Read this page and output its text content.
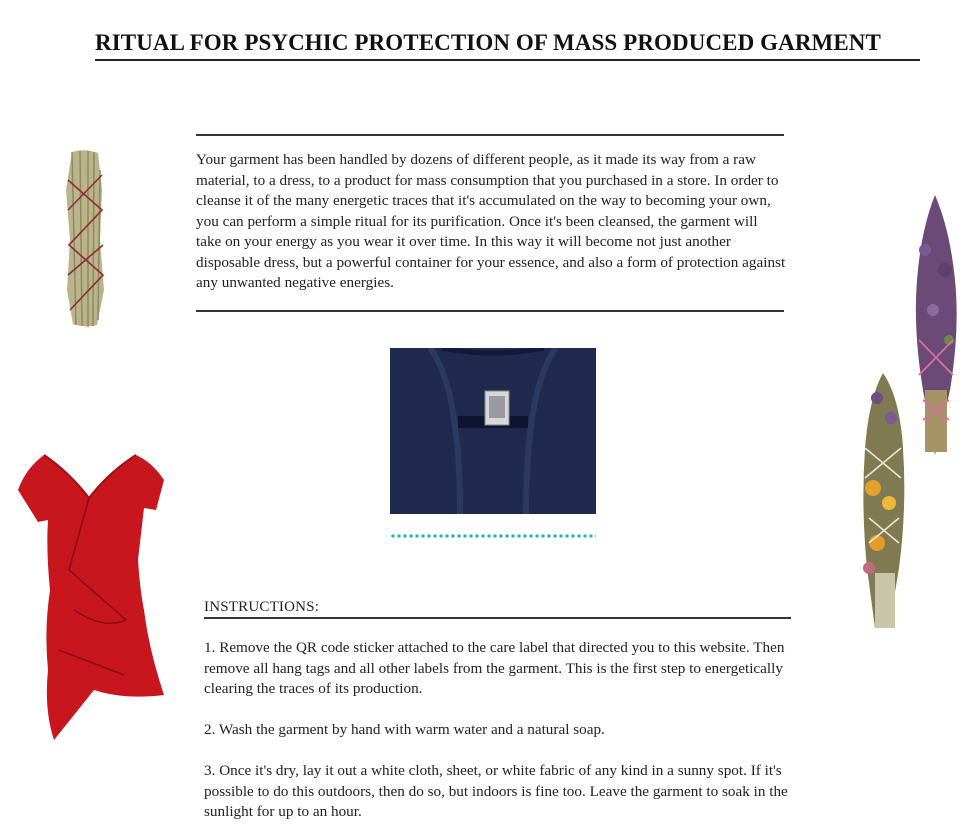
RITUAL FOR PSYCHIC PROTECTION OF MASS PRODUCED GARMENT
Your garment has been handled by dozens of different people, as it made its way from a raw material, to a dress, to a product for mass consumption that you purchased in a store. In order to cleanse it of the many energetic traces that it's accumulated on the way to becoming your own, you can perform a simple ritual for its purification. Once it's been cleansed, the garment will take on your energy as you wear it over time. In this way it will become not just another disposable dress, but a powerful container for your essence, and also a form of protection against any unwanted negative energies.
INSTRUCTIONS:
1. Remove the QR code sticker attached to the care label that directed you to this website. Then remove all hang tags and all other labels from the garment. This is the first step to energetically clearing the traces of its production.
2. Wash the garment by hand with warm water and a natural soap.
3. Once it's dry, lay it out a white cloth, sheet, or white fabric of any kind in a sunny spot. If it's possible to do this outdoors, then do so, but indoors is fine too. Leave the garment to soak in the sunlight for up to an hour.
